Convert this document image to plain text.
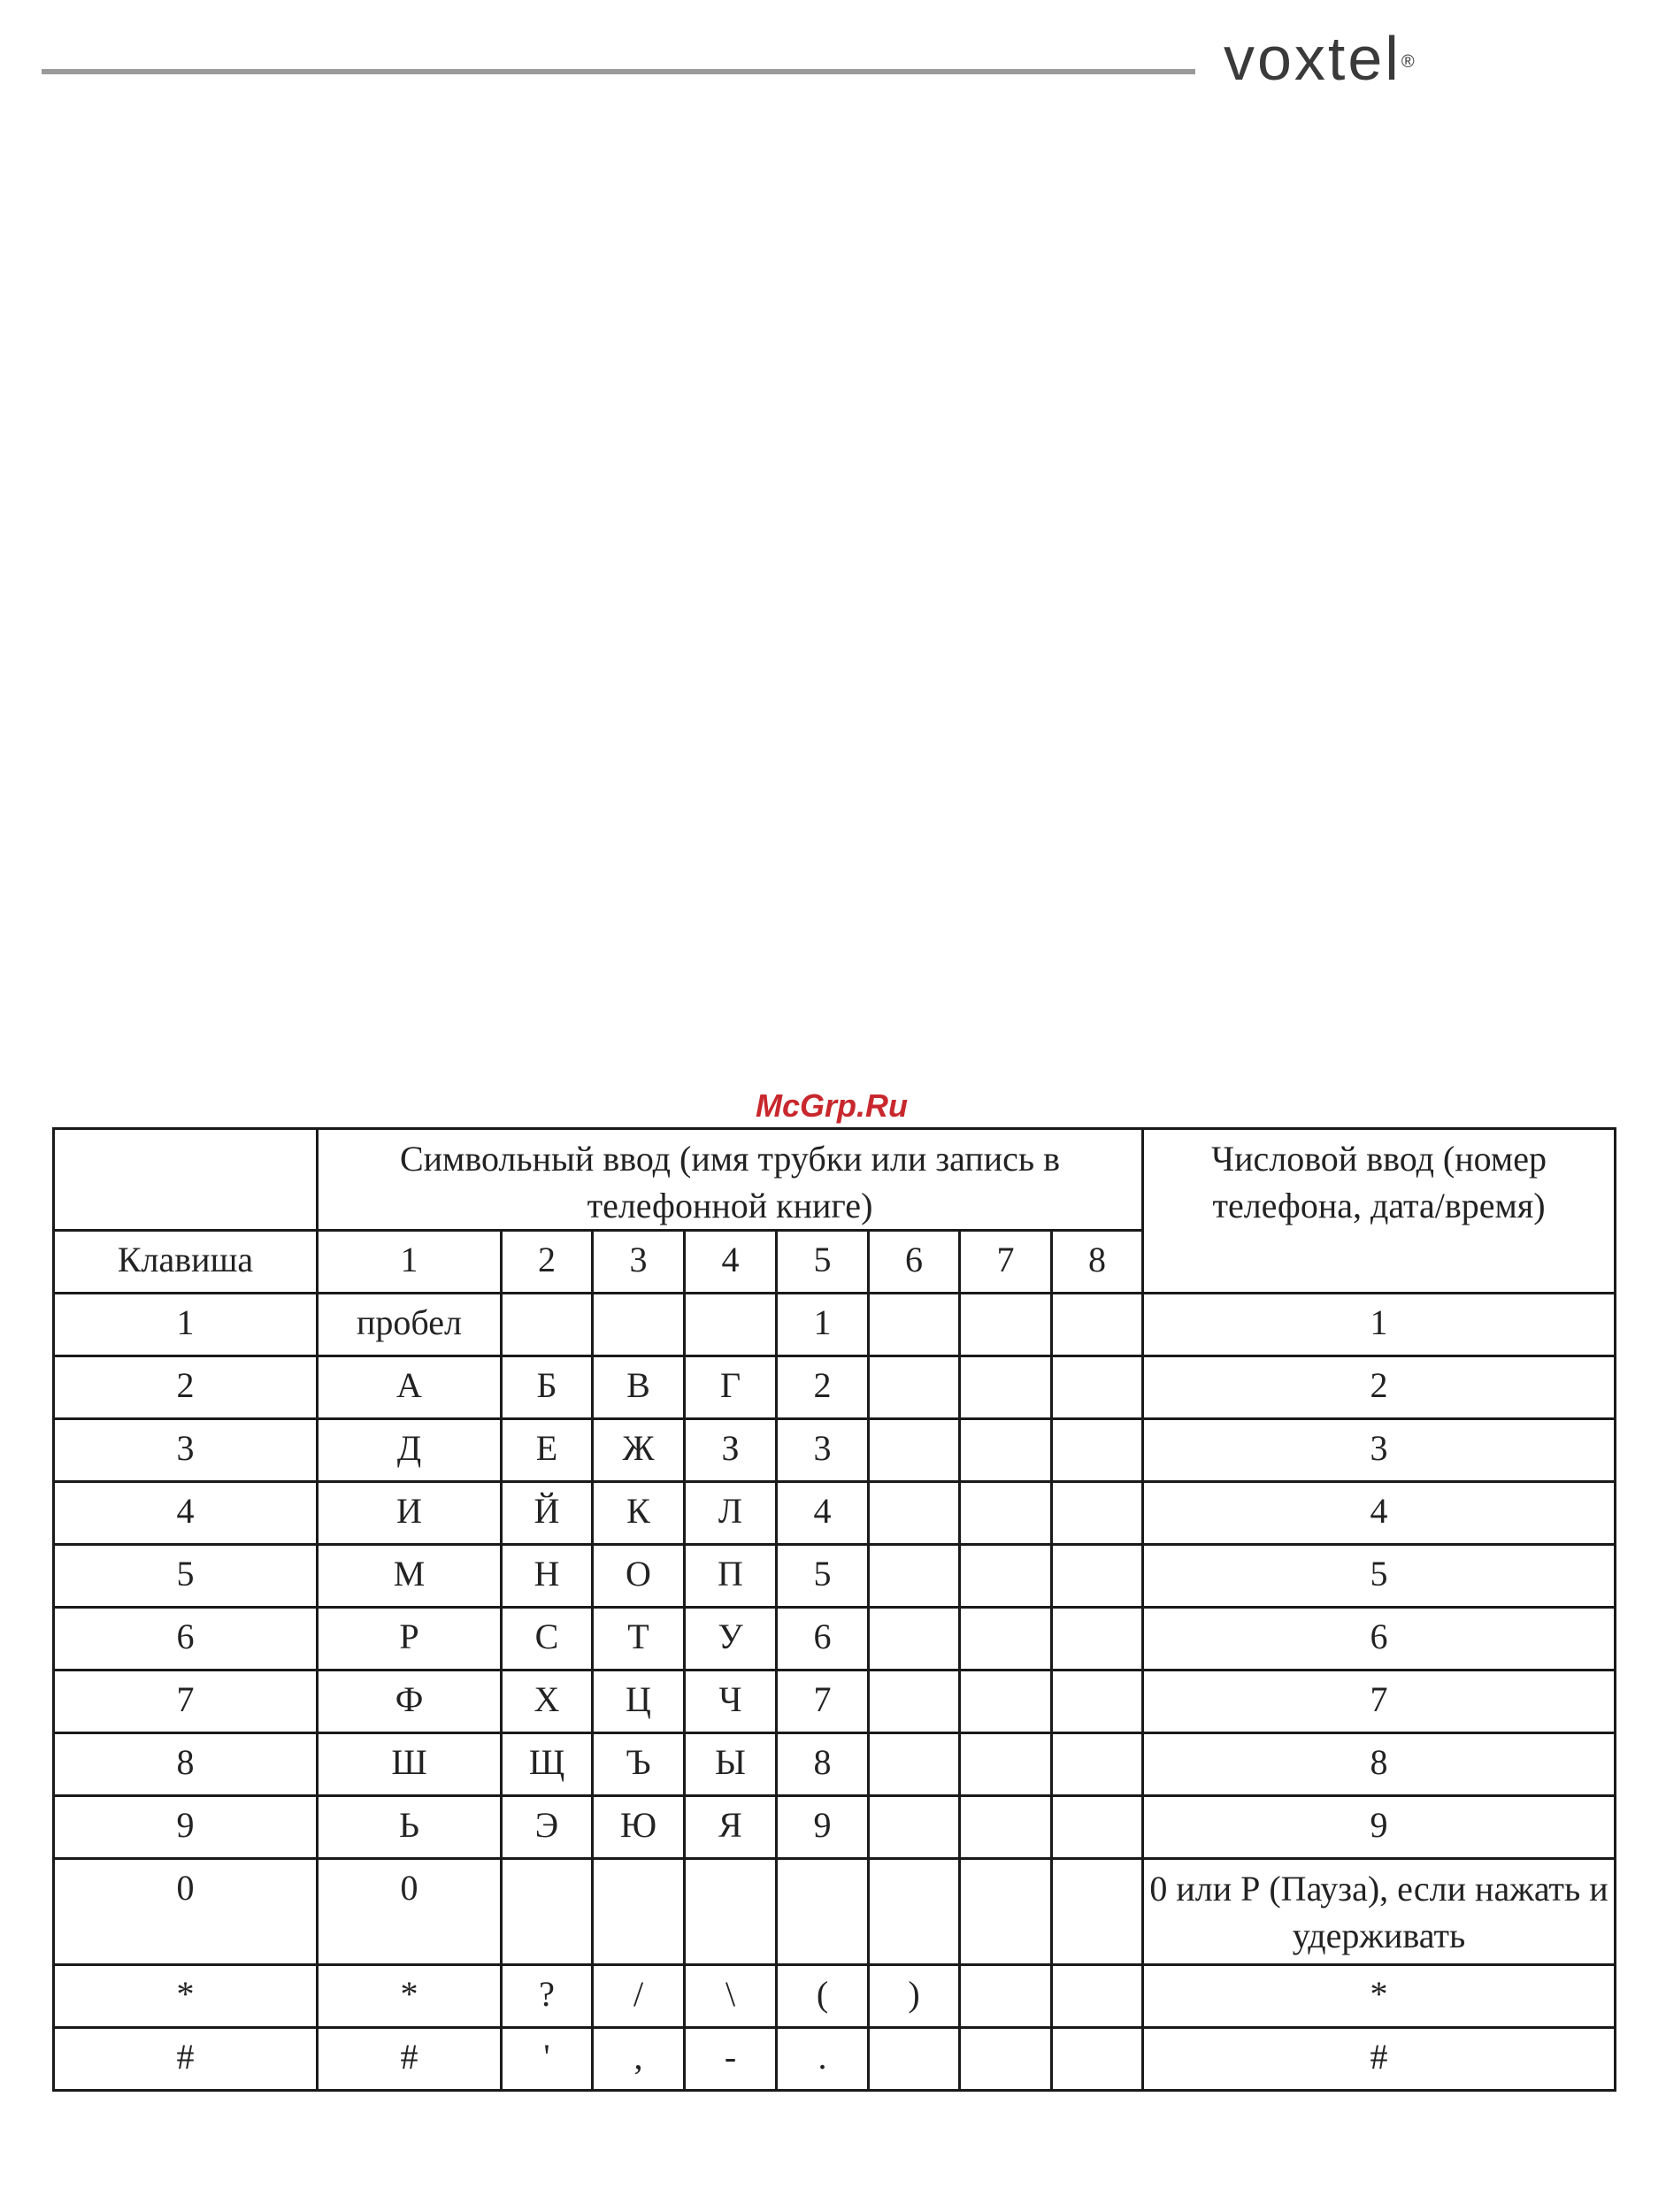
voxtel®
McGrp.Ru
	Символьный ввод (имя трубки или запись в телефонной книге)								Числовой ввод (номер телефона, дата/время)
Клавиша	1	2	3	4	5	6	7	8	
1	пробел				1				1
2	А	Б	В	Г	2				2
3	Д	Е	Ж	З	3				3
4	И	Й	К	Л	4				4
5	М	Н	О	П	5				5
6	Р	С	Т	У	6				6
7	Ф	Х	Ц	Ч	7				7
8	Ш	Щ	Ъ	Ы	8				8
9	Ь	Э	Ю	Я	9				9
0	0								0 или Р (Пауза), если нажать и удерживать
*	*	?	/	\	(	)			*
#	#	'	,	-	.				#
